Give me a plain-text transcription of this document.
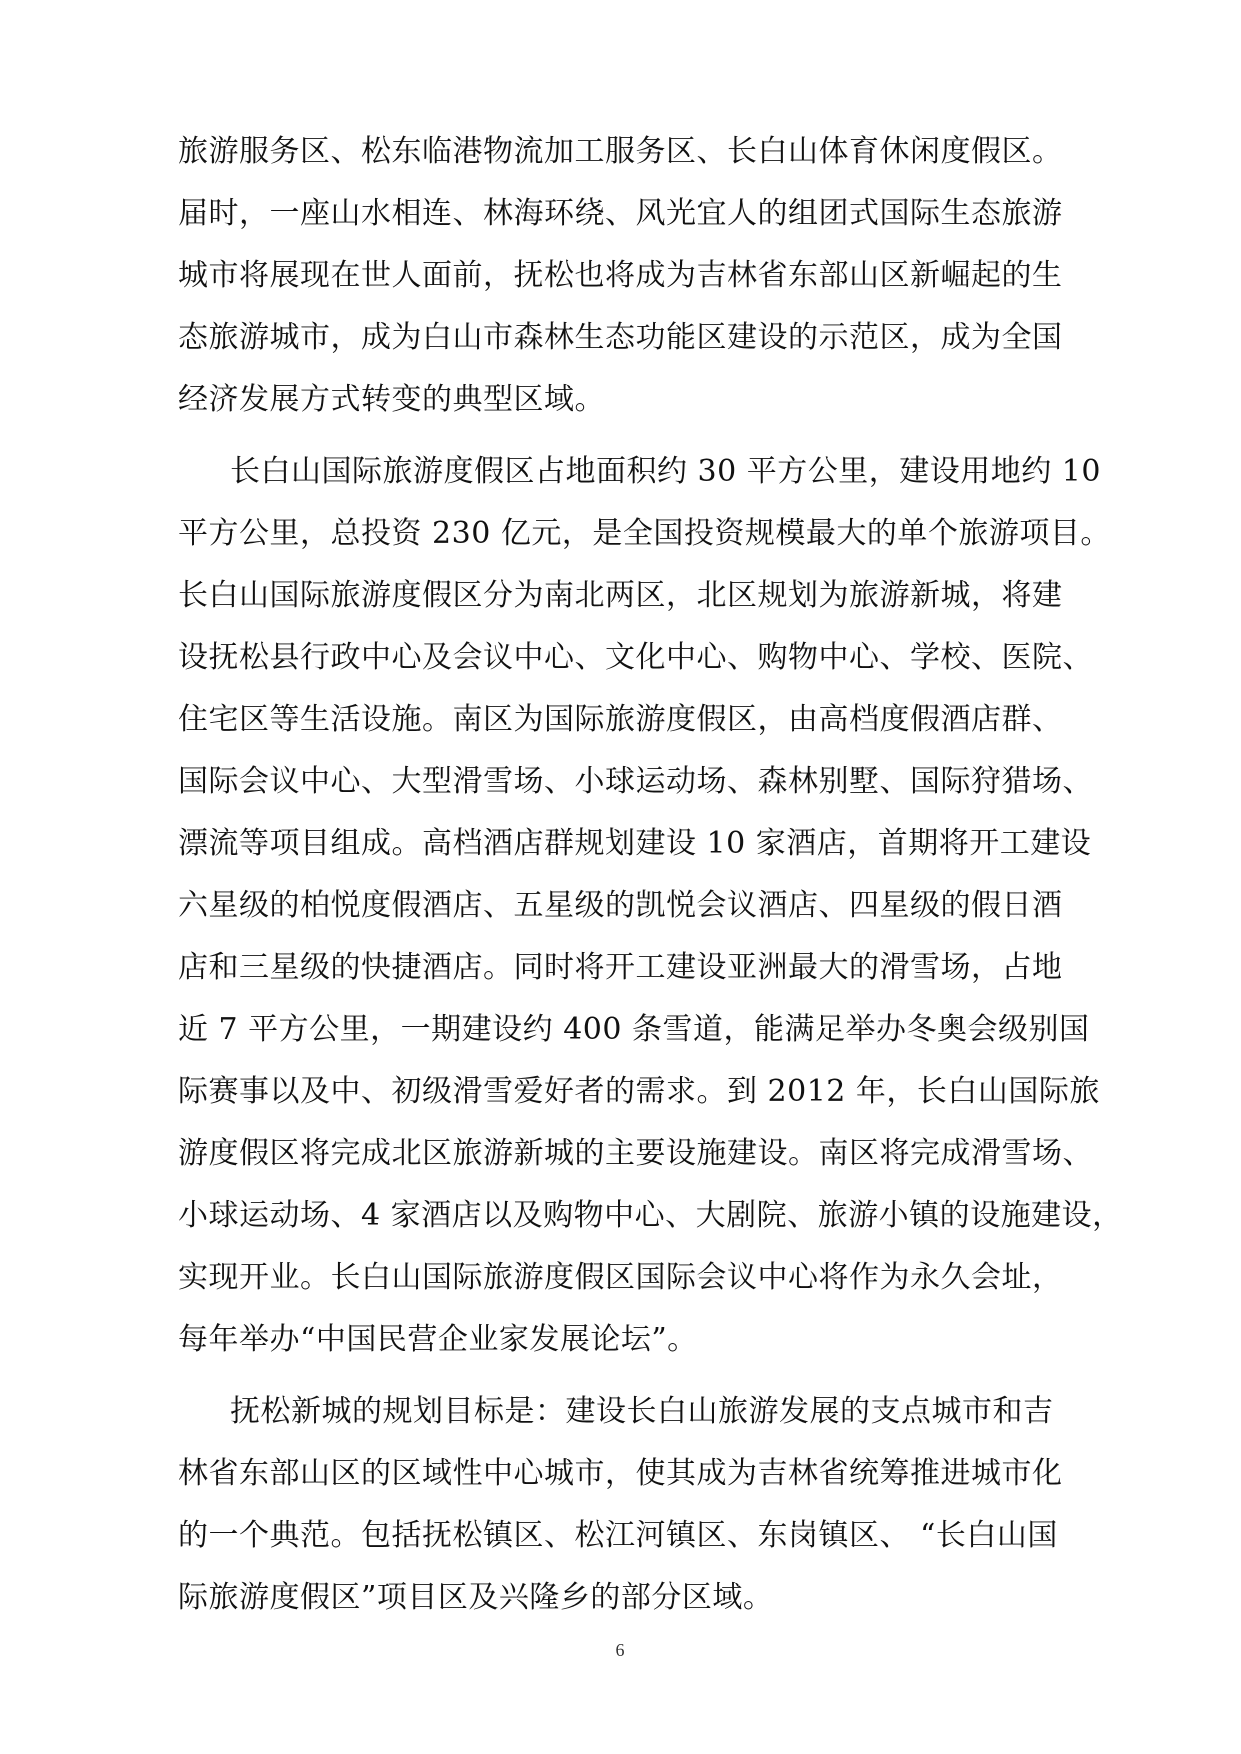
旅游服务区、松东临港物流加工服务区、长白山体育休闲度假区。
届时，一座山水相连、林海环绕、风光宜人的组团式国际生态旅游
城市将展现在世人面前，抚松也将成为吉林省东部山区新崛起的生
态旅游城市，成为白山市森林生态功能区建设的示范区，成为全国
经济发展方式转变的典型区域。
长白山国际旅游度假区占地面积约 30 平方公里，建设用地约 10
平方公里，总投资 230 亿元，是全国投资规模最大的单个旅游项目。
长白山国际旅游度假区分为南北两区，北区规划为旅游新城，将建
设抚松县行政中心及会议中心、文化中心、购物中心、学校、医院、
住宅区等生活设施。南区为国际旅游度假区，由高档度假酒店群、
国际会议中心、大型滑雪场、小球运动场、森林别墅、国际狩猎场、
漂流等项目组成。高档酒店群规划建设 10 家酒店，首期将开工建设
六星级的柏悦度假酒店、五星级的凯悦会议酒店、四星级的假日酒
店和三星级的快捷酒店。同时将开工建设亚洲最大的滑雪场，占地
近 7 平方公里，一期建设约 400 条雪道，能满足举办冬奥会级别国
际赛事以及中、初级滑雪爱好者的需求。到 2012 年，长白山国际旅
游度假区将完成北区旅游新城的主要设施建设。南区将完成滑雪场、
小球运动场、4 家酒店以及购物中心、大剧院、旅游小镇的设施建设，
实现开业。长白山国际旅游度假区国际会议中心将作为永久会址，
每年举办“中国民营企业家发展论坛”。
抚松新城的规划目标是：建设长白山旅游发展的支点城市和吉
林省东部山区的区域性中心城市，使其成为吉林省统筹推进城市化
的一个典范。包括抚松镇区、松江河镇区、东岗镇区、 “长白山国
际旅游度假区”项目区及兴隆乡的部分区域。
6
